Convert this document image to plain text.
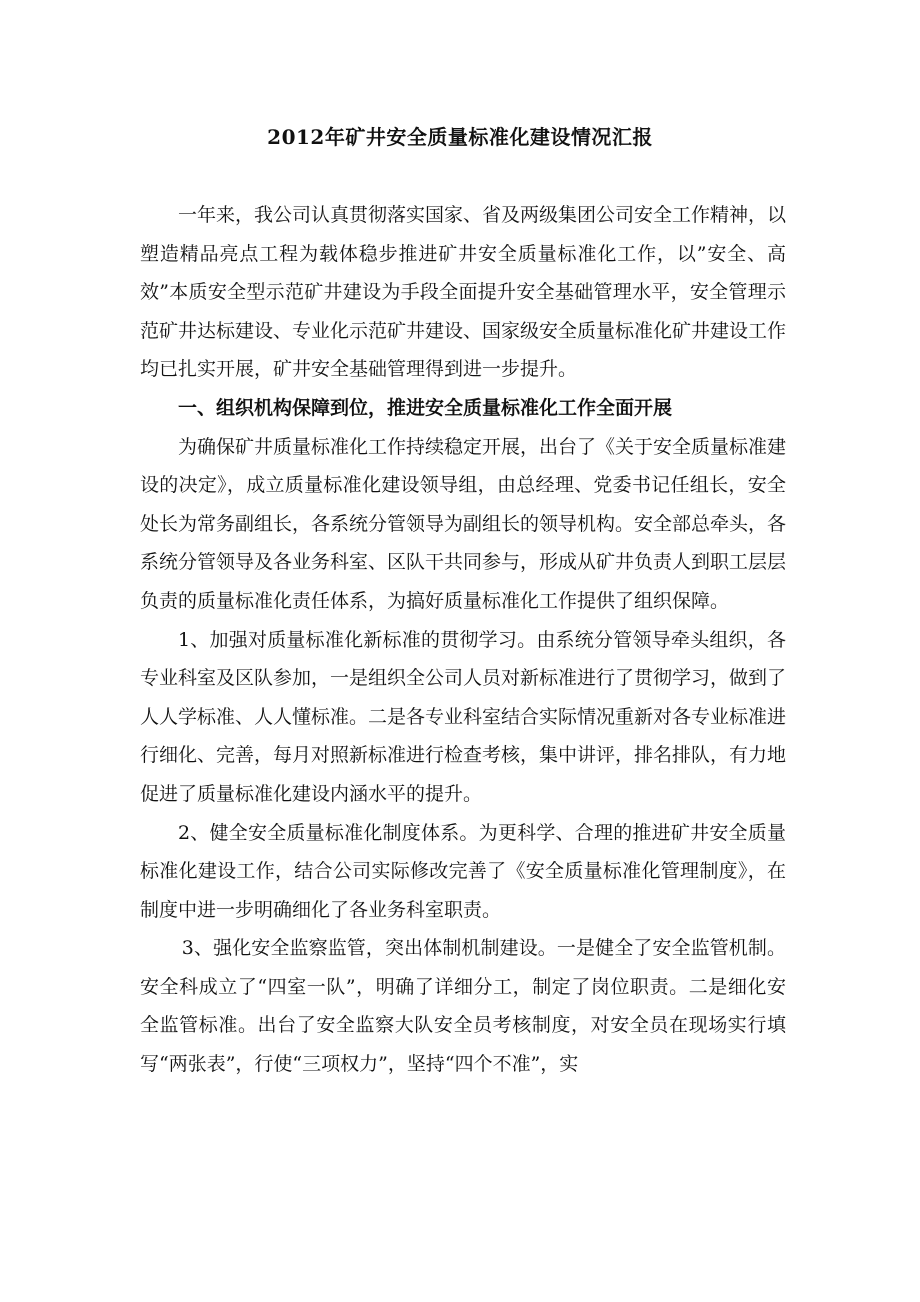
2012年矿井安全质量标准化建设情况汇报

一年来，我公司认真贯彻落实国家、省及两级集团公司安全工作精神，以塑造精品亮点工程为载体稳步推进矿井安全质量标准化工作，以”安全、高效”本质安全型示范矿井建设为手段全面提升安全基础管理水平，安全管理示范矿井达标建设、专业化示范矿井建设、国家级安全质量标准化矿井建设工作均已扎实开展，矿井安全基础管理得到进一步提升。

一、组织机构保障到位，推进安全质量标准化工作全面开展

为确保矿井质量标准化工作持续稳定开展，出台了《关于安全质量标准建设的决定》，成立质量标准化建设领导组，由总经理、党委书记任组长，安全处长为常务副组长，各系统分管领导为副组长的领导机构。安全部总牵头，各系统分管领导及各业务科室、区队干共同参与，形成从矿井负责人到职工层层负责的质量标准化责任体系，为搞好质量标准化工作提供了组织保障。

1、加强对质量标准化新标准的贯彻学习。由系统分管领导牵头组织，各专业科室及区队参加，一是组织全公司人员对新标准进行了贯彻学习，做到了人人学标准、人人懂标准。二是各专业科室结合实际情况重新对各专业标准进行细化、完善，每月对照新标准进行检查考核，集中讲评，排名排队，有力地促进了质量标准化建设内涵水平的提升。

2、健全安全质量标准化制度体系。为更科学、合理的推进矿井安全质量标准化建设工作，结合公司实际修改完善了《安全质量标准化管理制度》，在制度中进一步明确细化了各业务科室职责。

3、强化安全监察监管，突出体制机制建设。一是健全了安全监管机制。安全科成立了“四室一队”，明确了详细分工，制定了岗位职责。二是细化安全监管标准。出台了安全监察大队安全员考核制度，对安全员在现场实行填写“两张表”，行使“三项权力”，坚持“四个不准”，实
